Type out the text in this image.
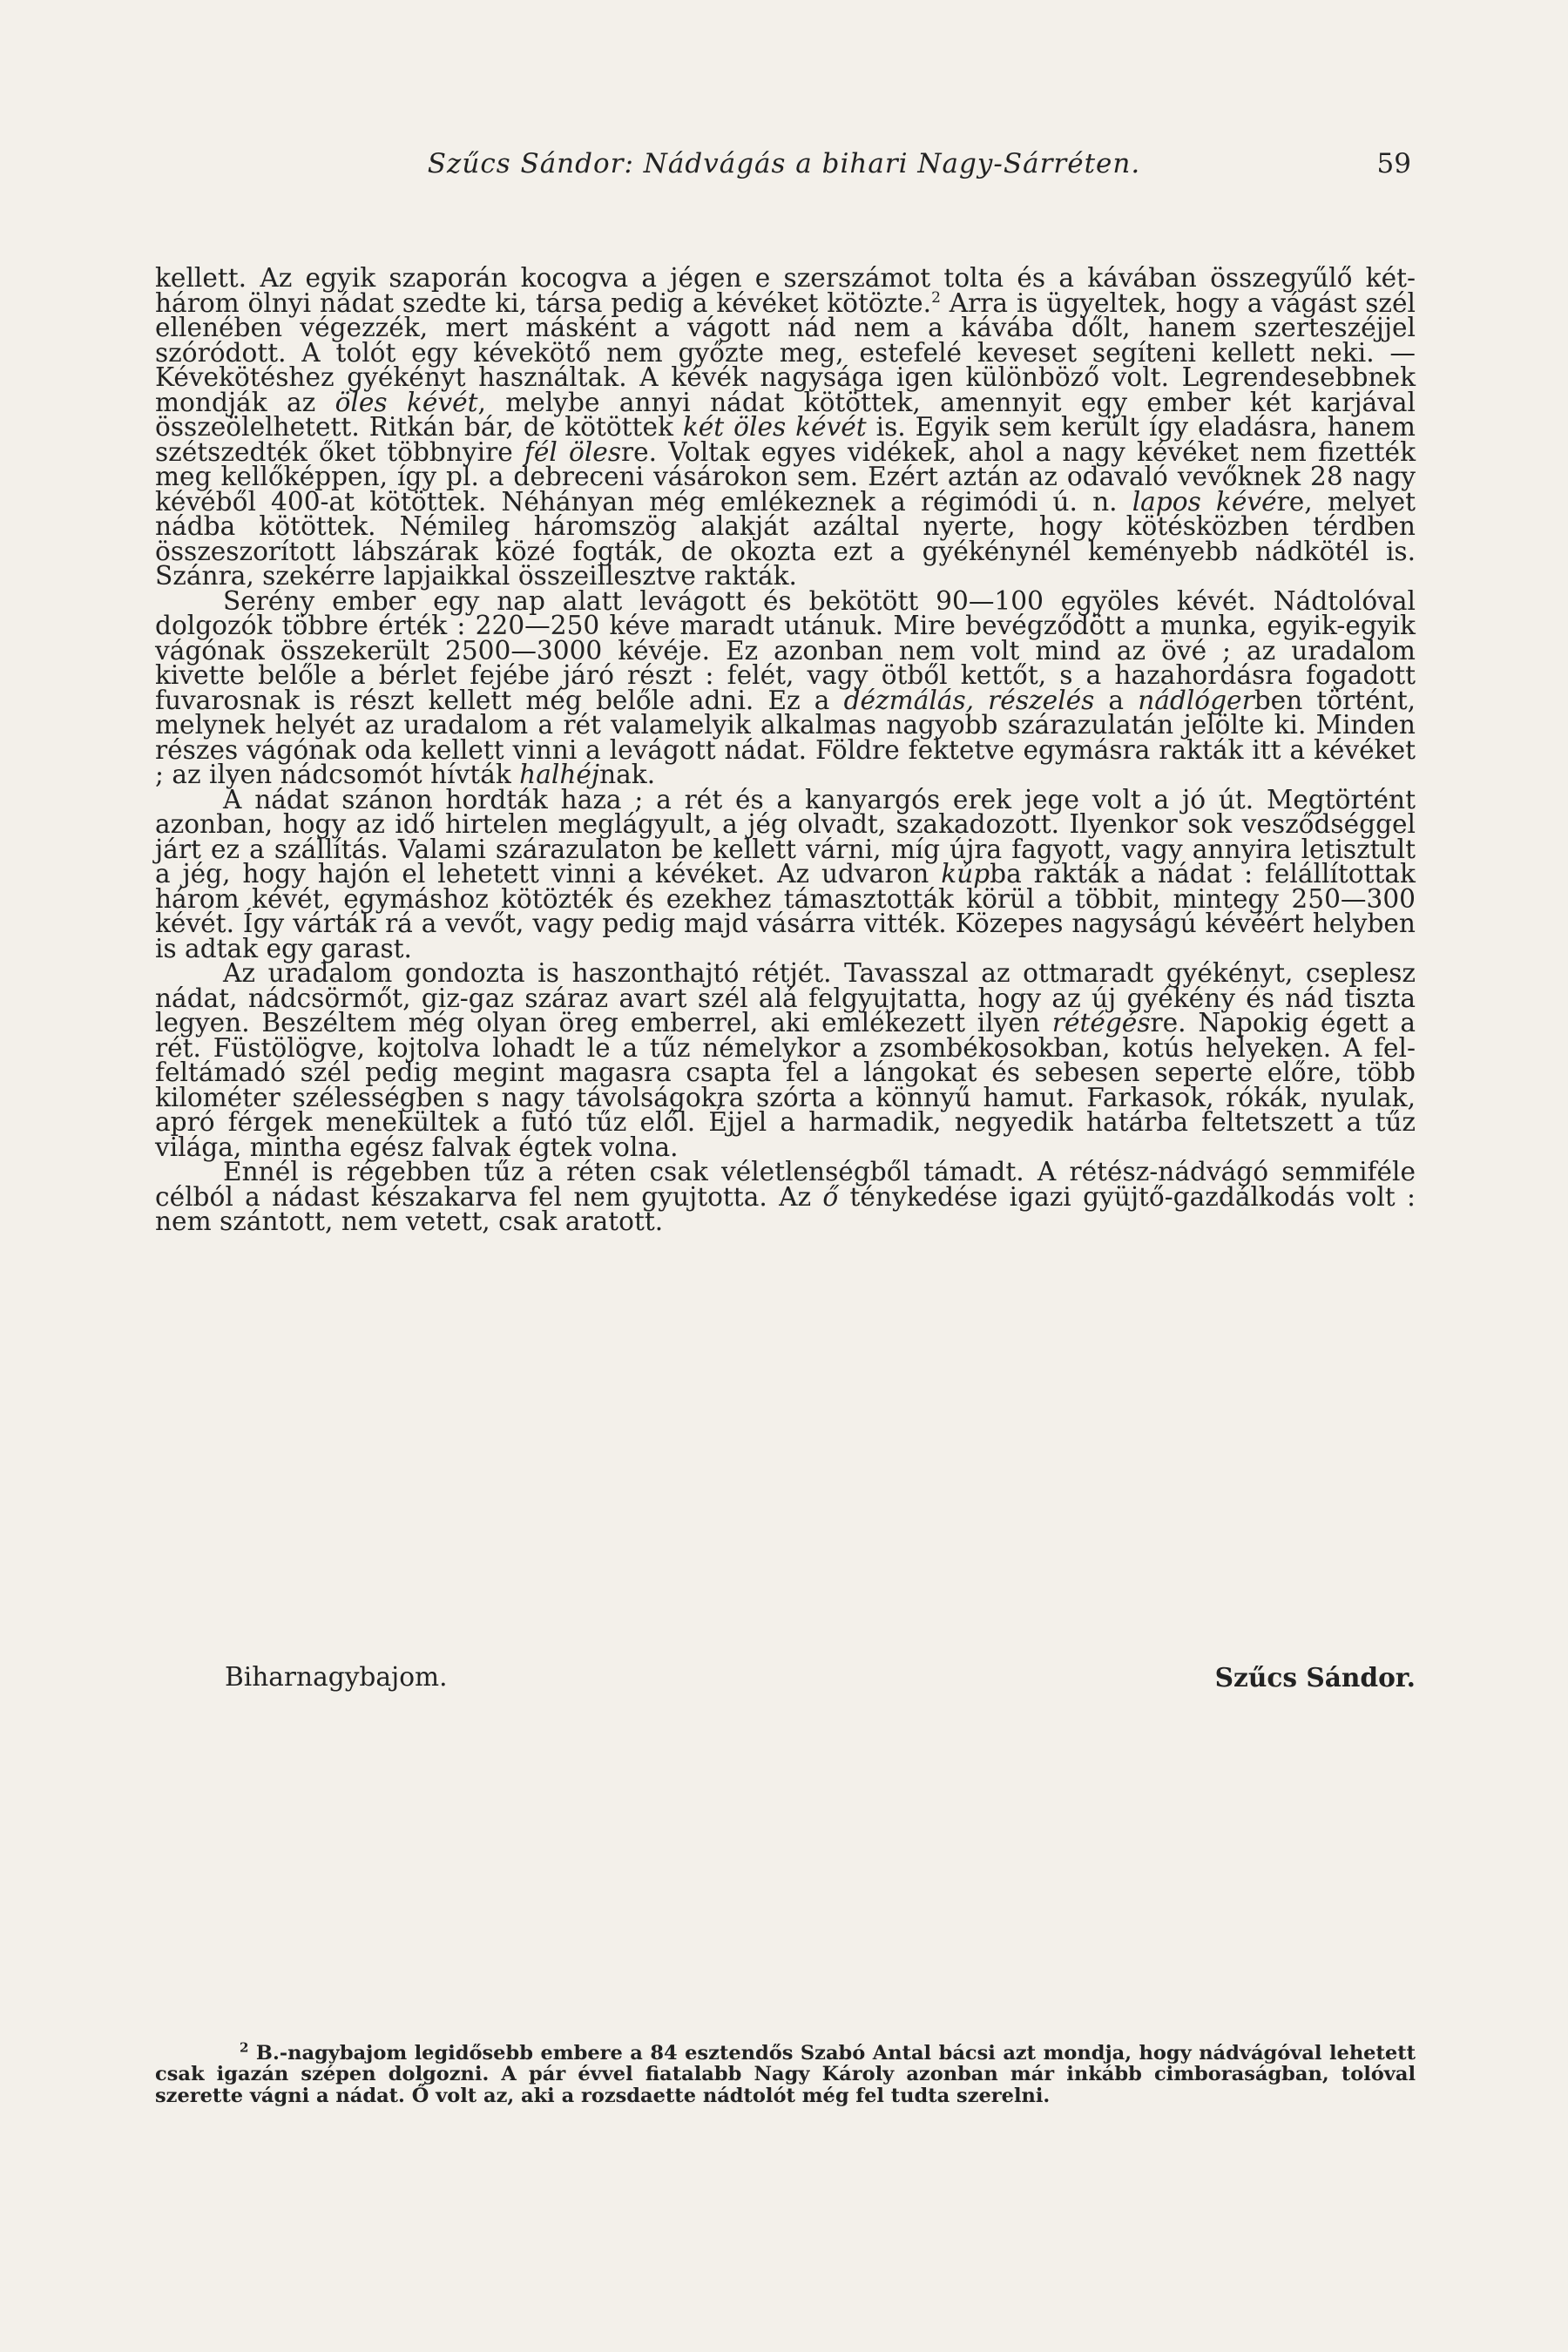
Szűcs Sándor: Nádvágás a bihari Nagy-Sárréten.	59

kellett. Az egyik szaporán kocogva a jégen e szerszámot tolta és a kávában összegyűlő két-három ölnyi nádat szedte ki, társa pedig a kévéket kötözte.$^2$ Arra is ügyeltek, hogy a vágást szél ellenében végezzék, mert másként a vágott nád nem a kávába dőlt, hanem szerteszéjjel szóródott. A tolót egy kévekötő nem győzte meg, estefelé keveset segíteni kellett neki. — Kévekötéshez gyékényt használtak. A kévék nagysága igen különböző volt. Legrendesebbnek mondják az öles kévét, melybe annyi nádat kötöttek, amennyit egy ember két karjával összeölelhetett. Ritkán bár, de kötöttek két öles kévét is. Egyik sem került így eladásra, hanem szétszedték őket többnyire fél ölesre. Voltak egyes vidékek, ahol a nagy kévéket nem fizették meg kellőképpen, így pl. a debreceni vásárokon sem. Ezért aztán az odavaló vevőknek 28 nagy kévéből 400-at kötöttek. Néhányan még emlékeznek a régimódi ú. n. lapos kévére, melyet nádba kötöttek. Némileg háromszög alakját azáltal nyerte, hogy kötésközben térdben összeszorított lábszárak közé fogták, de okozta ezt a gyékénynél keményebb nádkötél is. Szánra, szekérre lapjaikkal összeillesztve rakták.

Serény ember egy nap alatt levágott és bekötött 90—100 egyöles kévét. Nádtolóval dolgozók többre érték : 220—250 kéve maradt utánuk. Mire bevégződött a munka, egyik-egyik vágónak összekerült 2500—3000 kévéje. Ez azonban nem volt mind az övé ; az uradalom kivette belőle a bérlet fejébe járó részt : felét, vagy ötből kettőt, s a hazahordásra fogadott fuvarosnak is részt kellett még belőle adni. Ez a dézmálás, részelés a nádlógerben történt, melynek helyét az uradalom a rét valamelyik alkalmas nagyobb szárazulatán jelölte ki. Minden részes vágónak oda kellett vinni a levágott nádat. Földre fektetve egymásra rakták itt a kévéket ; az ilyen nádcsomót hívták halhéjnak.

A nádat szánon hordták haza ; a rét és a kanyargós erek jege volt a jó út. Megtörtént azonban, hogy az idő hirtelen meglágyult, a jég olvadt, szakadozott. Ilyenkor sok vesződséggel járt ez a szállítás. Valami szárazulaton be kellett várni, míg újra fagyott, vagy annyira letisztult a jég, hogy hajón el lehetett vinni a kévéket. Az udvaron kúpba rakták a nádat : felállítottak három kévét, egymáshoz kötözték és ezekhez támasztották körül a többit, mintegy 250—300 kévét. Így várták rá a vevőt, vagy pedig majd vásárra vitték. Közepes nagyságú kévéért helyben is adtak egy garast.

Az uradalom gondozta is haszonthajtó rétjét. Tavasszal az ottmaradt gyékényt, cseplesz nádat, nádcsörmőt, giz-gaz száraz avart szél alá felgyujtatta, hogy az új gyékény és nád tiszta legyen. Beszéltem még olyan öreg emberrel, aki emlékezett ilyen rétégésre. Napokig égett a rét. Füstölögve, kojtolva lohadt le a tűz némelykor a zsombékosokban, kotús helyeken. A fel-feltámadó szél pedig megint magasra csapta fel a lángokat és sebesen seperte előre, több kilométer szélességben s nagy távolságokra szórta a könnyű hamut. Farkasok, rókák, nyulak, apró férgek menekültek a futó tűz elől. Éjjel a harmadik, negyedik határba feltetszett a tűz világa, mintha egész falvak égtek volna.

Ennél is régebben tűz a réten csak véletlenségből támadt. A rétész-nádvágó semmiféle célból a nádast készakarva fel nem gyujtotta. Az ő ténykedése igazi gyüjtő-gazdálkodás volt : nem szántott, nem vetett, csak aratott.

Biharnagybajom.	Szűcs Sándor.

$^2$ B.-nagybajom legidősebb embere a 84 esztendős Szabó Antal bácsi azt mondja, hogy nádvágóval lehetett csak igazán szépen dolgozni. A pár évvel fiatalabb Nagy Károly azonban már inkább cimboraságban, tolóval szerette vágni a nádat. Ő volt az, aki a rozsdaette nádtolót még fel tudta szerelni.
